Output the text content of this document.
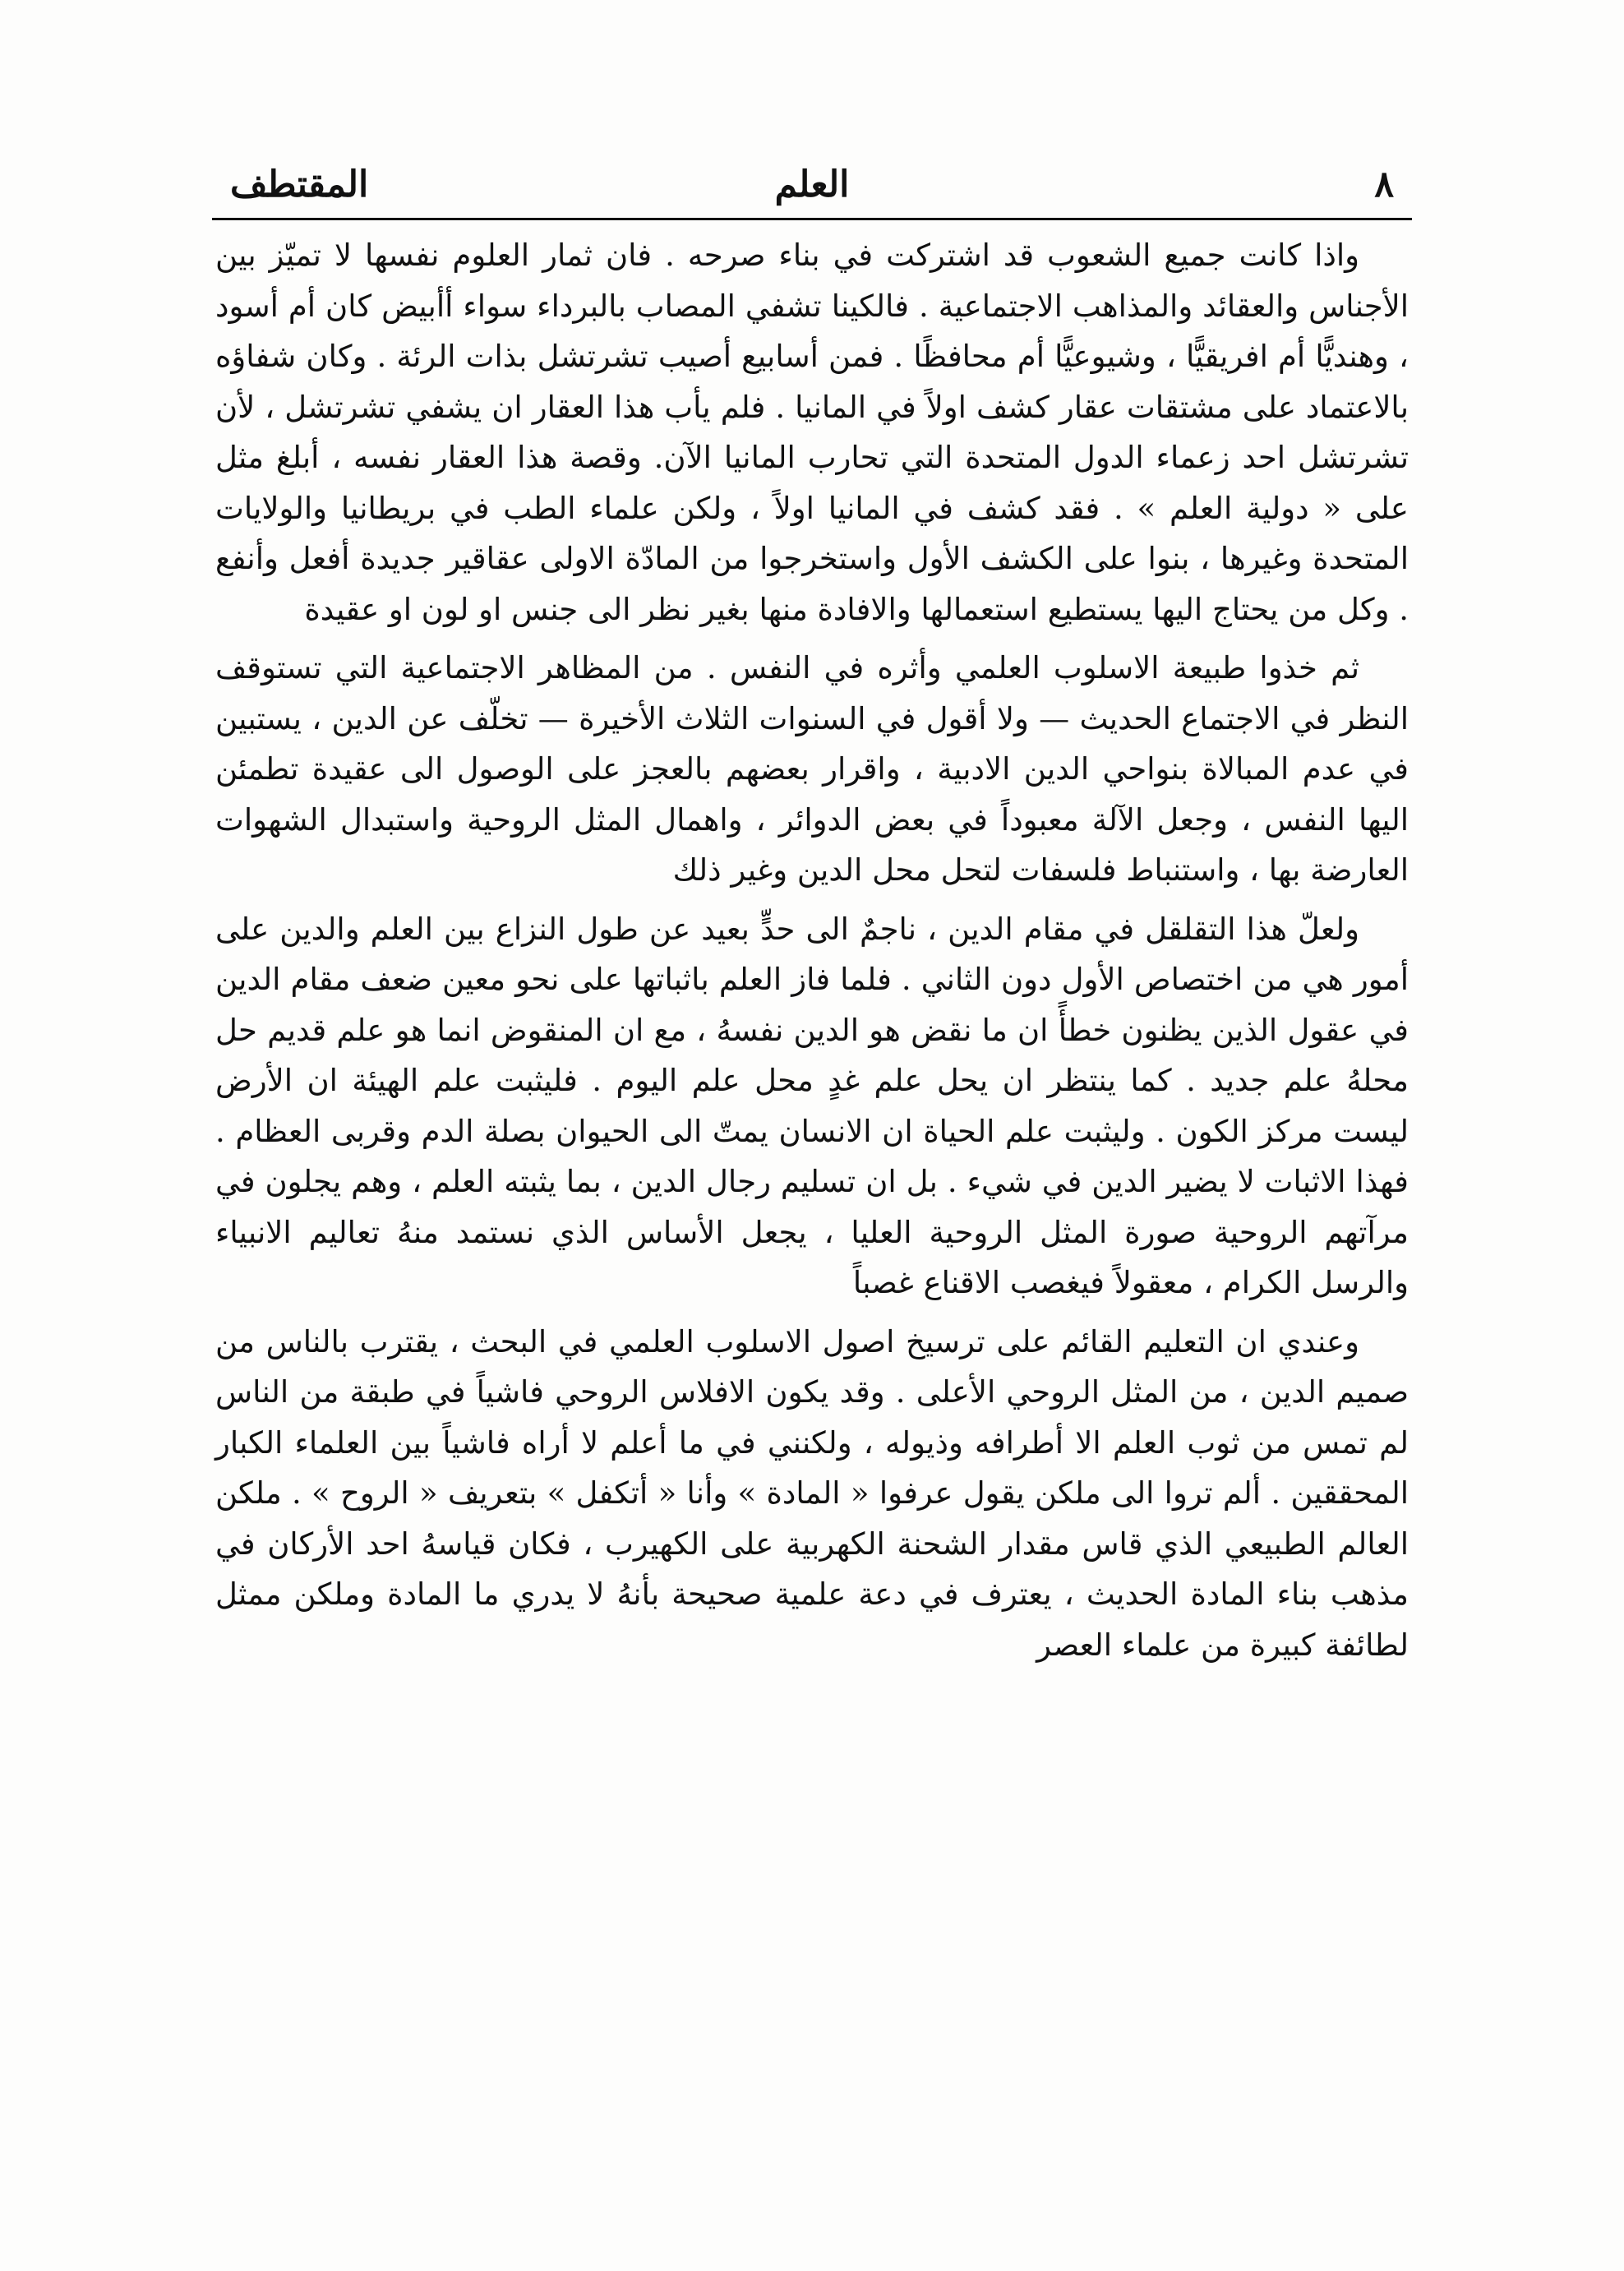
٨
العلم
المقتطف

واذا كانت جميع الشعوب قد اشتركت في بناء صرحه . فان ثمار العلوم نفسها لا تميّز بين الأجناس والعقائد والمذاهب الاجتماعية . فالكينا تشفي المصاب بالبرداء سواء أأبيض كان أم أسود ، وهنديًّا أم افريقيًّا ، وشيوعيًّا أم محافظًا . فمن أسابيع أصيب تشرتشل بذات الرئة . وكان شفاؤه بالاعتماد على مشتقات عقار كشف اولاً في المانيا . فلم يأب هذا العقار ان يشفي تشرتشل ، لأن تشرتشل احد زعماء الدول المتحدة التي تحارب المانيا الآن. وقصة هذا العقار نفسه ، أبلغ مثل على « دولية العلم » . فقد كشف في المانيا اولاً ، ولكن علماء الطب في بريطانيا والولايات المتحدة وغيرها ، بنوا على الكشف الأول واستخرجوا من المادّة الاولى عقاقير جديدة أفعل وأنفع . وكل من يحتاج اليها يستطيع استعمالها والافادة منها بغير نظر الى جنس او لون او عقيدة

ثم خذوا طبيعة الاسلوب العلمي وأثره في النفس . من المظاهر الاجتماعية التي تستوقف النظر في الاجتماع الحديث — ولا أقول في السنوات الثلاث الأخيرة — تخلّف عن الدين ، يستبين في عدم المبالاة بنواحي الدين الادبية ، واقرار بعضهم بالعجز على الوصول الى عقيدة تطمئن اليها النفس ، وجعل الآلة معبوداً في بعض الدوائر ، واهمال المثل الروحية واستبدال الشهوات العارضة بها ، واستنباط فلسفات لتحل محل الدين وغير ذلك

ولعلّ هذا التقلقل في مقام الدين ، ناجمٌ الى حدٍّ بعيد عن طول النزاع بين العلم والدين على أمور هي من اختصاص الأول دون الثاني . فلما فاز العلم باثباتها على نحو معين ضعف مقام الدين في عقول الذين يظنون خطأً ان ما نقض هو الدين نفسهُ ، مع ان المنقوض انما هو علم قديم حل محلهُ علم جديد . كما ينتظر ان يحل علم غدٍ محل علم اليوم . فليثبت علم الهيئة ان الأرض ليست مركز الكون . وليثبت علم الحياة ان الانسان يمتّ الى الحيوان بصلة الدم وقربى العظام . فهذا الاثبات لا يضير الدين في شيء . بل ان تسليم رجال الدين ، بما يثبته العلم ، وهم يجلون في مرآتهم الروحية صورة المثل الروحية العليا ، يجعل الأساس الذي نستمد منهُ تعاليم الانبياء والرسل الكرام ، معقولاً فيغصب الاقناع غصباً

وعندي ان التعليم القائم على ترسيخ اصول الاسلوب العلمي في البحث ، يقترب بالناس من صميم الدين ، من المثل الروحي الأعلى . وقد يكون الافلاس الروحي فاشياً في طبقة من الناس لم تمس من ثوب العلم الا أطرافه وذيوله ، ولكنني في ما أعلم لا أراه فاشياً بين العلماء الكبار المحققين . ألم تروا الى ملكن يقول عرفوا « المادة » وأنا « أتكفل » بتعريف « الروح » . ملكن العالم الطبيعي الذي قاس مقدار الشحنة الكهربية على الكهيرب ، فكان قياسهُ احد الأركان في مذهب بناء المادة الحديث ، يعترف في دعة علمية صحيحة بأنهُ لا يدري ما المادة وملكن ممثل لطائفة كبيرة من علماء العصر
